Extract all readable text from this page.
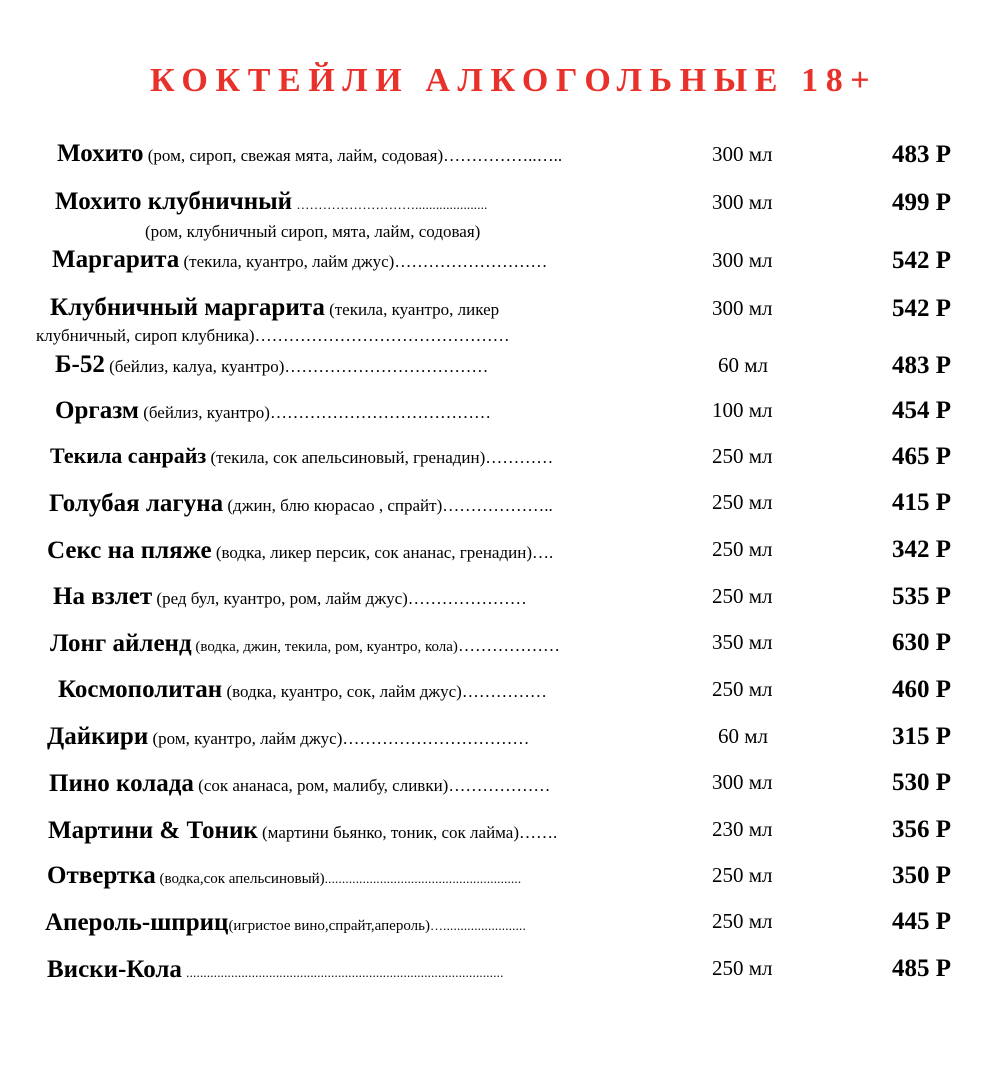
КОКТЕЙЛИ АЛКОГОЛЬНЫЕ 18+
Мохито (ром, сироп, свежая мята, лайм, содовая)……………..…..	300 мл	483 Р
Мохито клубничный ……………………….....................
(ром, клубничный сироп, мята, лайм, содовая)
300 мл	499 Р
Маргарита (текила, куантро, лайм джус)………………………	300 мл	542 Р
Клубничный маргарита (текила, куантро, ликер
клубничный, сироп клубника)………………………………………
300 мл	542 Р
Б-52 (бейлиз, калуа, куантро)………………………………	60 мл	483 Р
Оргазм (бейлиз, куантро)…………………………………	100 мл	454 Р
Текила санрайз (текила, сок апельсиновый, гренадин)…………	250 мл	465 Р
Голубая лагуна (джин, блю кюрасао , спрайт)………………..	250 мл	415 Р
Секс на пляже (водка, ликер персик, сок ананас, гренадин)….	250 мл	342 Р
На взлет (ред бул, куантро, ром, лайм джус)…………………	250 мл	535 Р
Лонг айленд (водка, джин, текила, ром, куантро, кола)………………	350 мл	630 Р
Космополитан (водка, куантро, сок, лайм джус)……………	250 мл	460 Р
Дайкири (ром, куантро, лайм джус)……………………………	60 мл	315 Р
Пино колада (сок ананаса, ром, малибу, сливки)………………	300 мл	530 Р
Мартини & Тоник (мартини бьянко, тоник, сок лайма)…….	230 мл	356 Р
Отвертка (водка,сок апельсиновый).........................................................	250 мл	350 Р
Апероль-шприц(игристое вино,спрайт,апероль)…........................	250 мл	445 Р
Виски-Кола ............................................................................................	250 мл	485 Р
